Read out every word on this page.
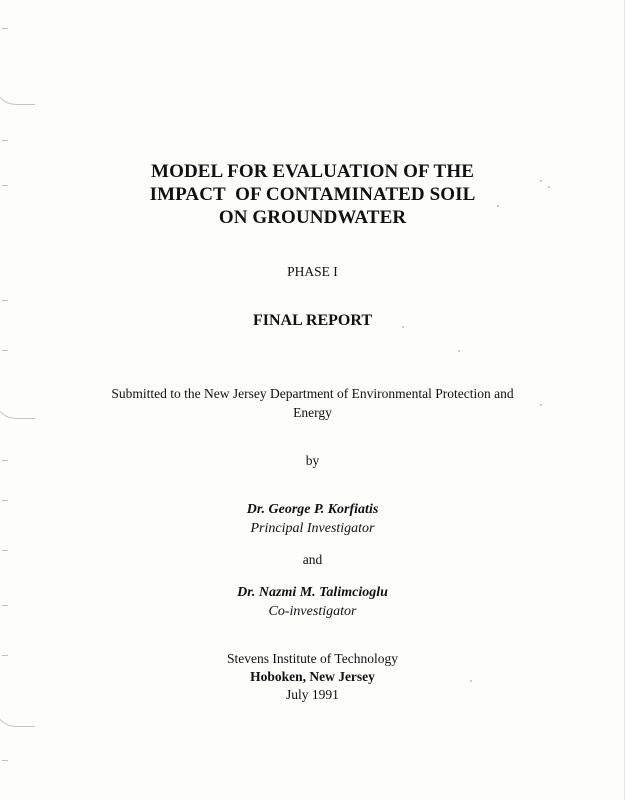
MODEL FOR EVALUATION OF THE
IMPACT  OF CONTAMINATED SOIL
ON GROUNDWATER
PHASE I
FINAL REPORT
Submitted to the New Jersey Department of Environmental Protection and
Energy
by
Dr. George P. Korfiatis
Principal Investigator
and
Dr. Nazmi M. Talimcioglu
Co-investigator
Stevens Institute of Technology
Hoboken, New Jersey
July 1991
